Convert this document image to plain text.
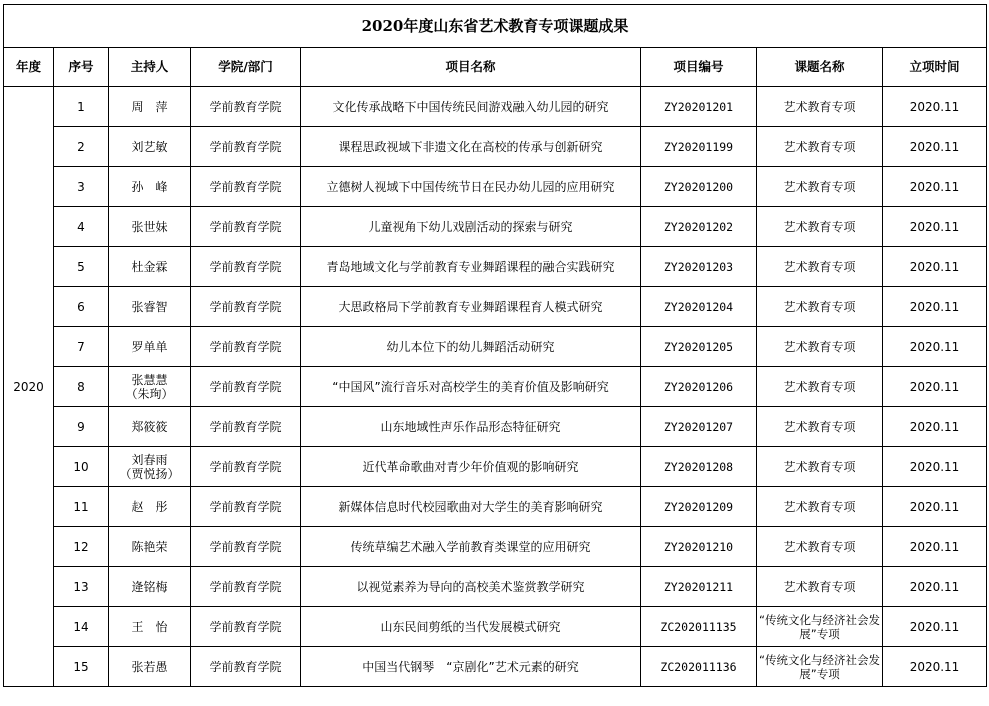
2020年度山东省艺术教育专项课题成果							
年度	序号	主持人	学院/部门	项目名称	项目编号	课题名称	立项时间
2020	1	周　萍	学前教育学院	文化传承战略下中国传统民间游戏融入幼儿园的研究	ZY20201201	艺术教育专项	2020.11
	2	刘艺敏	学前教育学院	课程思政视域下非遗文化在高校的传承与创新研究	ZY20201199	艺术教育专项	2020.11
	3	孙　峰	学前教育学院	立德树人视域下中国传统节日在民办幼儿园的应用研究	ZY20201200	艺术教育专项	2020.11
	4	张世妹	学前教育学院	儿童视角下幼儿戏剧活动的探索与研究	ZY20201202	艺术教育专项	2020.11
	5	杜金霖	学前教育学院	青岛地域文化与学前教育专业舞蹈课程的融合实践研究	ZY20201203	艺术教育专项	2020.11
	6	张睿智	学前教育学院	大思政格局下学前教育专业舞蹈课程育人模式研究	ZY20201204	艺术教育专项	2020.11
	7	罗单单	学前教育学院	幼儿本位下的幼儿舞蹈活动研究	ZY20201205	艺术教育专项	2020.11
	8	张慧慧
（朱珣）	学前教育学院	“中国风”流行音乐对高校学生的美育价值及影响研究	ZY20201206	艺术教育专项	2020.11
	9	郑筱筱	学前教育学院	山东地域性声乐作品形态特征研究	ZY20201207	艺术教育专项	2020.11
	10	刘春雨
（贾悦扬）	学前教育学院	近代革命歌曲对青少年价值观的影响研究	ZY20201208	艺术教育专项	2020.11
	11	赵　彤	学前教育学院	新媒体信息时代校园歌曲对大学生的美育影响研究	ZY20201209	艺术教育专项	2020.11
	12	陈艳荣	学前教育学院	传统草编艺术融入学前教育类课堂的应用研究	ZY20201210	艺术教育专项	2020.11
	13	逄铭梅	学前教育学院	以视觉素养为导向的高校美术鉴赏教学研究	ZY20201211	艺术教育专项	2020.11
	14	王　怡	学前教育学院	山东民间剪纸的当代发展模式研究	ZC202011135	“传统文化与经济社会发展”专项	2020.11
	15	张若愚	学前教育学院	中国当代钢琴　“京剧化”艺术元素的研究	ZC202011136	“传统文化与经济社会发展”专项	2020.11
